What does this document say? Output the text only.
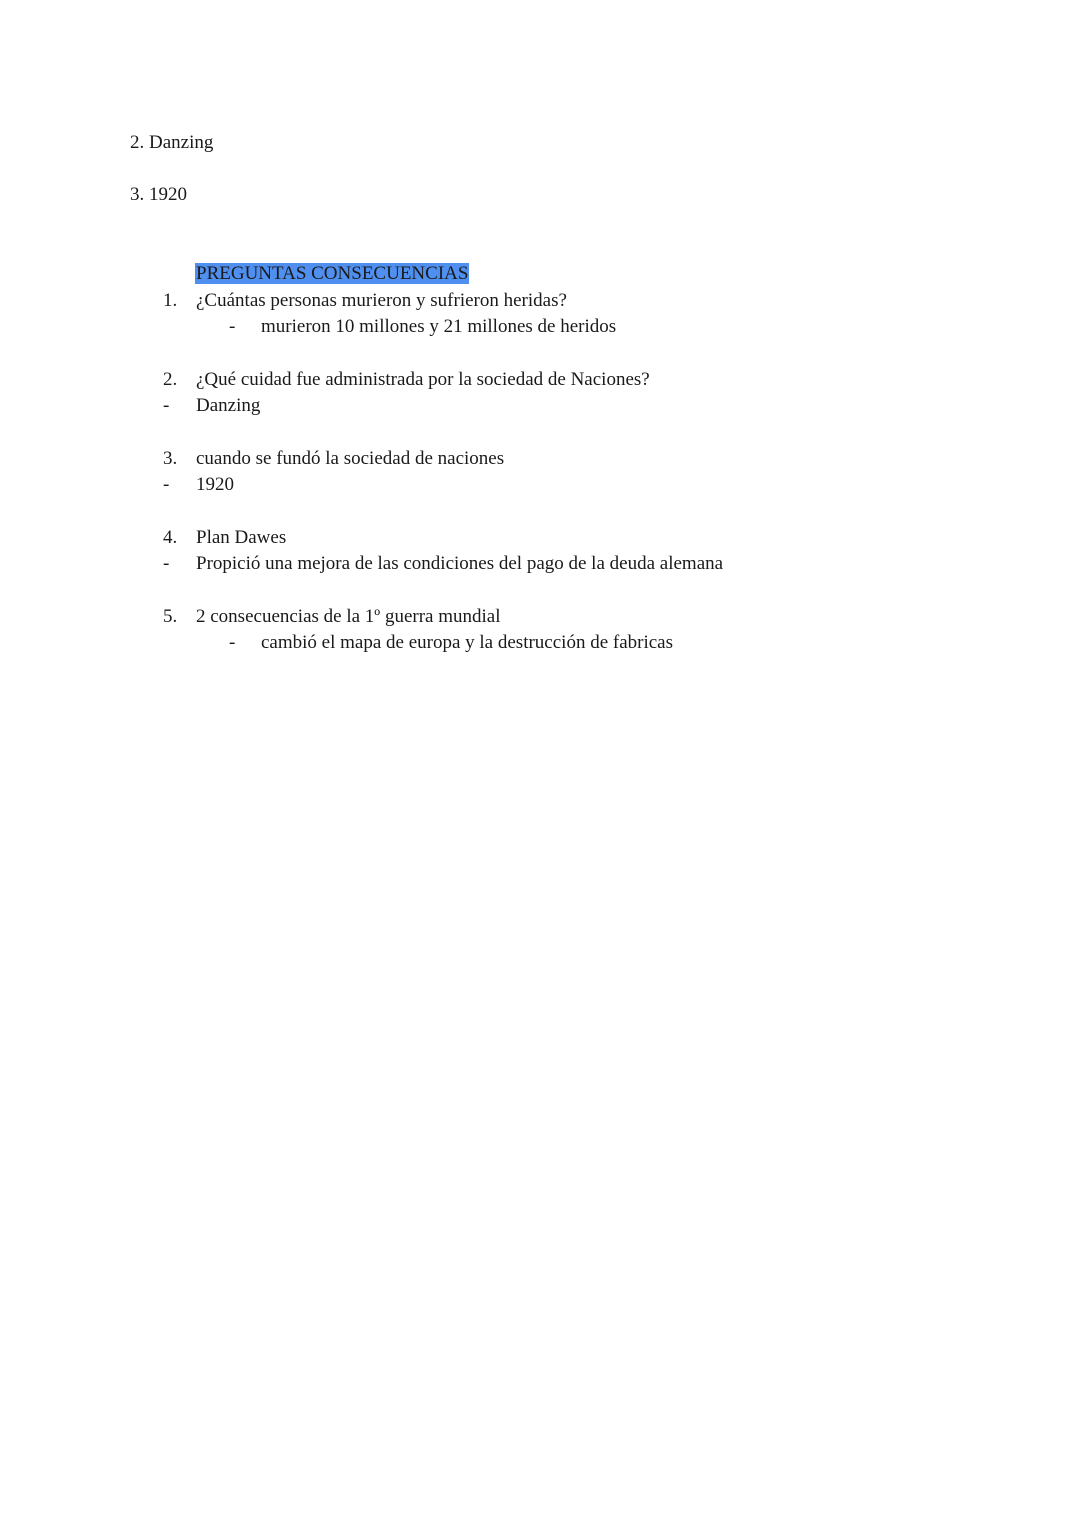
2. Danzing
3. 1920
PREGUNTAS CONSECUENCIAS
1. ¿Cuántas personas murieron y sufrieron heridas?
- murieron 10 millones y 21 millones de heridos
2. ¿Qué cuidad fue administrada por la sociedad de Naciones?
- Danzing
3. cuando se fundó la sociedad de naciones
- 1920
4. Plan Dawes
- Propició una mejora de las condiciones del pago de la deuda alemana
5. 2 consecuencias de la 1º guerra mundial
- cambió el mapa de europa y la destrucción de fabricas
